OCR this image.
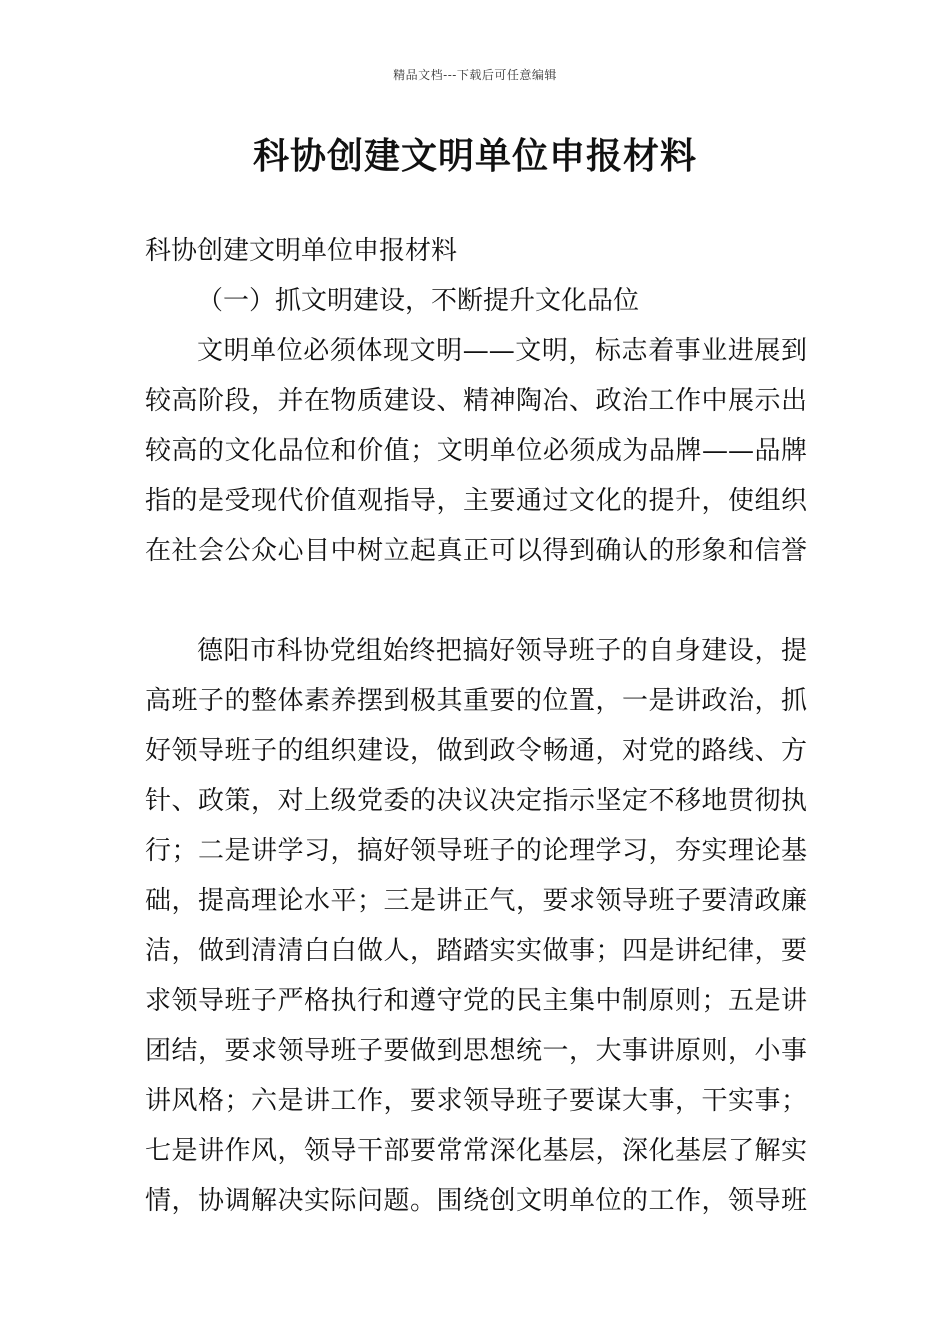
精品文档---下载后可任意编辑
科协创建文明单位申报材料
科协创建文明单位申报材料
（一）抓文明建设，不断提升文化品位
文明单位必须体现文明——文明，标志着事业进展到
较高阶段，并在物质建设、精神陶冶、政治工作中展示出
较高的文化品位和价值；文明单位必须成为品牌——品牌
指的是受现代价值观指导，主要通过文化的提升，使组织
在社会公众心目中树立起真正可以得到确认的形象和信誉
德阳市科协党组始终把搞好领导班子的自身建设，提
高班子的整体素养摆到极其重要的位置，一是讲政治，抓
好领导班子的组织建设，做到政令畅通，对党的路线、方
针、政策，对上级党委的决议决定指示坚定不移地贯彻执
行；二是讲学习，搞好领导班子的论理学习，夯实理论基
础，提高理论水平；三是讲正气，要求领导班子要清政廉
洁，做到清清白白做人，踏踏实实做事；四是讲纪律，要
求领导班子严格执行和遵守党的民主集中制原则；五是讲
团结，要求领导班子要做到思想统一，大事讲原则，小事
讲风格；六是讲工作，要求领导班子要谋大事，干实事；
七是讲作风，领导干部要常常深化基层，深化基层了解实
情，协调解决实际问题。围绕创文明单位的工作，领导班
